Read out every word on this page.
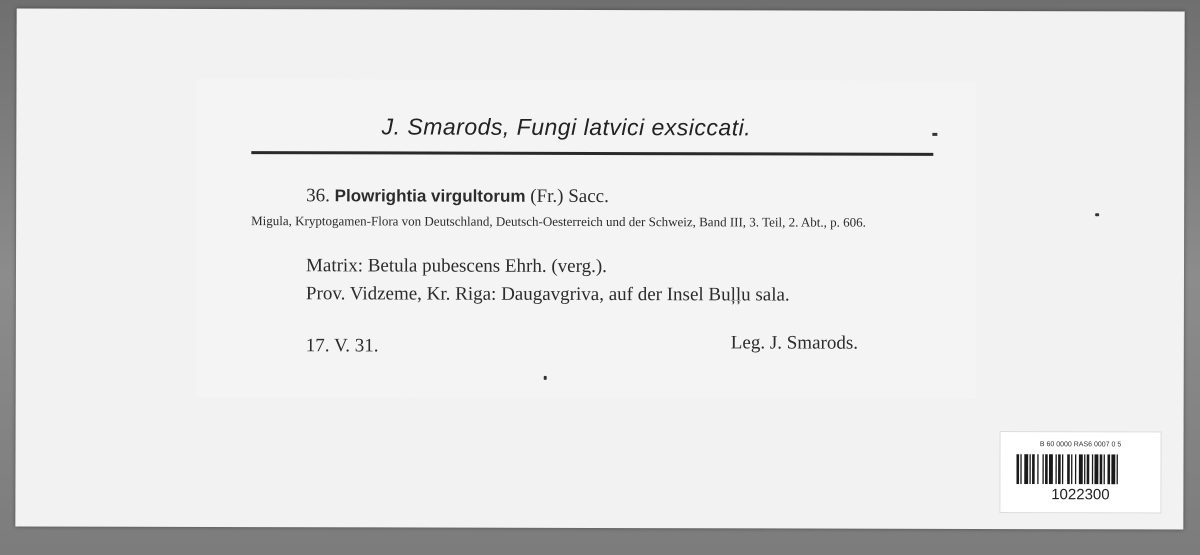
J. Smarods, Fungi latvici exsiccati.
36. Plowrightia virgultorum (Fr.) Sacc.
Migula, Kryptogamen-Flora von Deutschland, Deutsch-Oesterreich und der Schweiz, Band III, 3. Teil, 2. Abt., p. 606.
Matrix: Betula pubescens Ehrh. (verg.).
Prov. Vidzeme, Kr. Riga: Daugavgriva, auf der Insel Buļļu sala.
17. V. 31.	Leg. J. Smarods.
B 60 0000 RAS6 0007 0 5
1022300
